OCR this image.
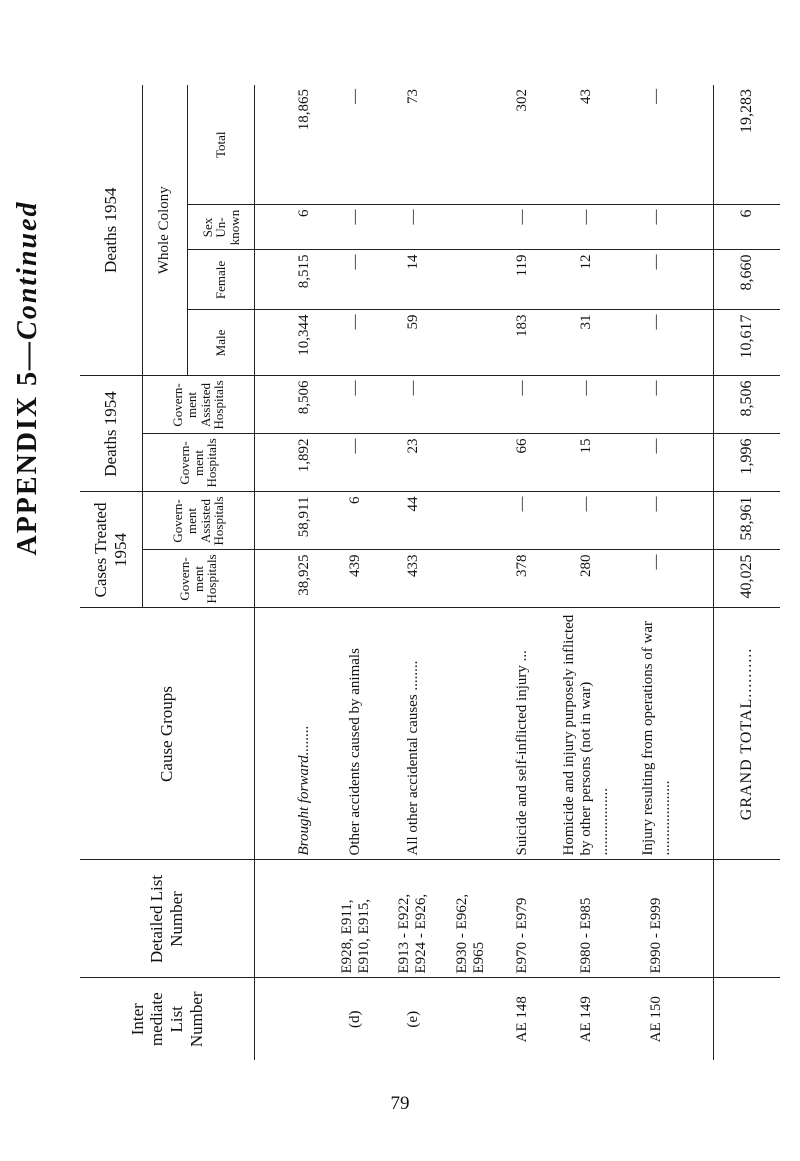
APPENDIX 5—Continued
Inter mediate List Number	Detailed List Number	Cause Groups	Cases Treated 1954		Deaths 1954		Deaths 1954			
			Govern- ment Hospitals	Govern- ment Assisted Hospitals	Govern- ment Hospitals	Govern- ment Assisted Hospitals	Whole Colony			
							Male	Female	Sex Un- known	Total

		Brought forward........	38,925	58,911	1,892	8,506	10,344	8,515	6	18,865
(d)	E928, E911, E910, E915,	Other accidents caused by animals	439	6	—	—	—	—	—	—
(e)	E913 - E922, E924 - E926,	All other accidental causes ........	433	44	23	—	59	14	—	73
	E930 - E962, E965									
AE 148	E970 - E979	Suicide and self-inflicted injury ...	378	—	66	—	183	119	—	302
AE 149	E980 - E985	Homicide and injury purposely inflicted by other persons (not in war) ..................	280	—	15	—	31	12	—	43
AE 150	E990 - E999	Injury resulting from operations of war ....................	—	—	—	—	—	—	—	—

		GRAND TOTAL..........	40,025	58,961	1,996	8,506	10,617	8,660	6	19,283
79
